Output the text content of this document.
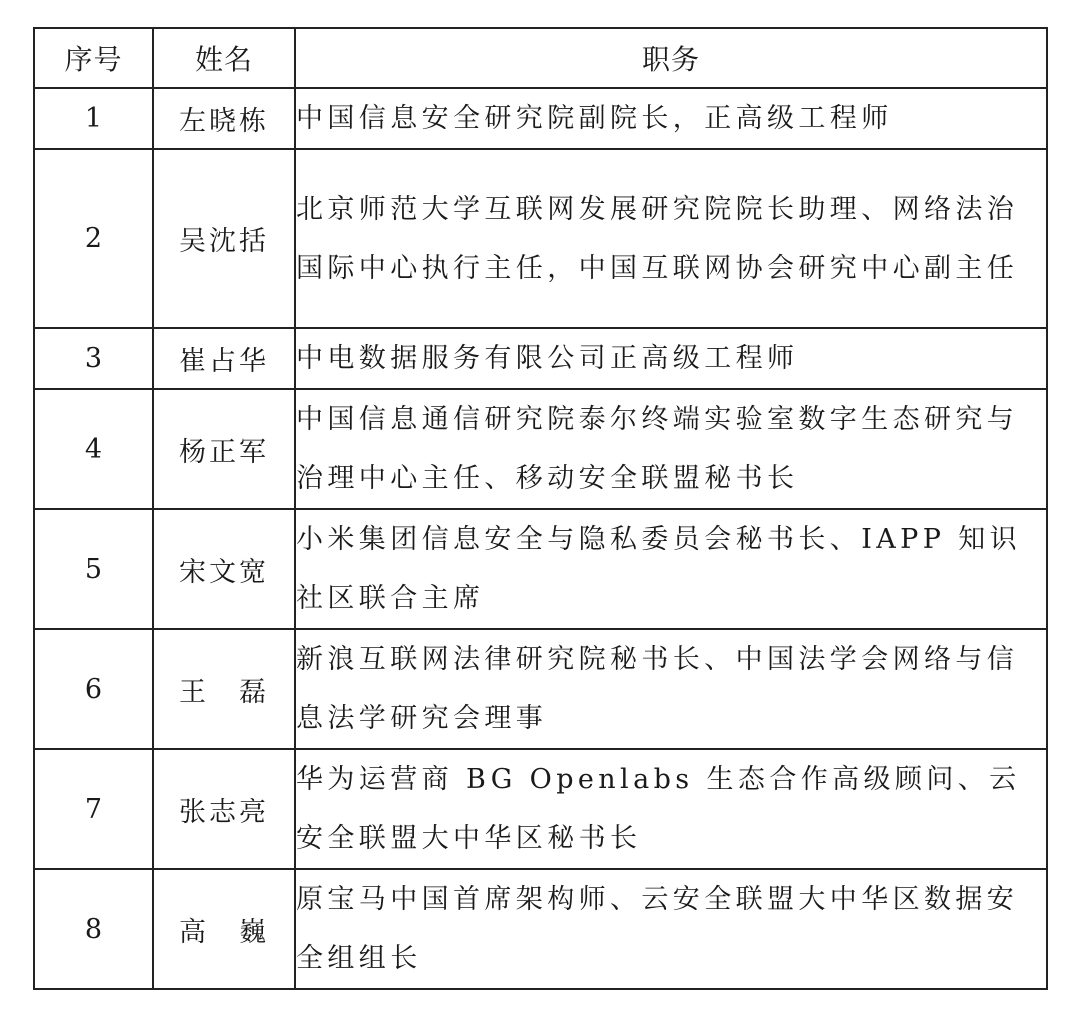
序号	姓名	职务
1	左晓栋	中国信息安全研究院副院长，正高级工程师
2	吴沈括	北京师范大学互联网发展研究院院长助理、网络法治国际中心执行主任，中国互联网协会研究中心副主任
3	崔占华	中电数据服务有限公司正高级工程师
4	杨正军	中国信息通信研究院泰尔终端实验室数字生态研究与治理中心主任、移动安全联盟秘书长
5	宋文宽	小米集团信息安全与隐私委员会秘书长、IAPP 知识社区联合主席
6	王　磊	新浪互联网法律研究院秘书长、中国法学会网络与信息法学研究会理事
7	张志亮	华为运营商 BG Openlabs 生态合作高级顾问、云安全联盟大中华区秘书长
8	高　巍	原宝马中国首席架构师、云安全联盟大中华区数据安全组组长
